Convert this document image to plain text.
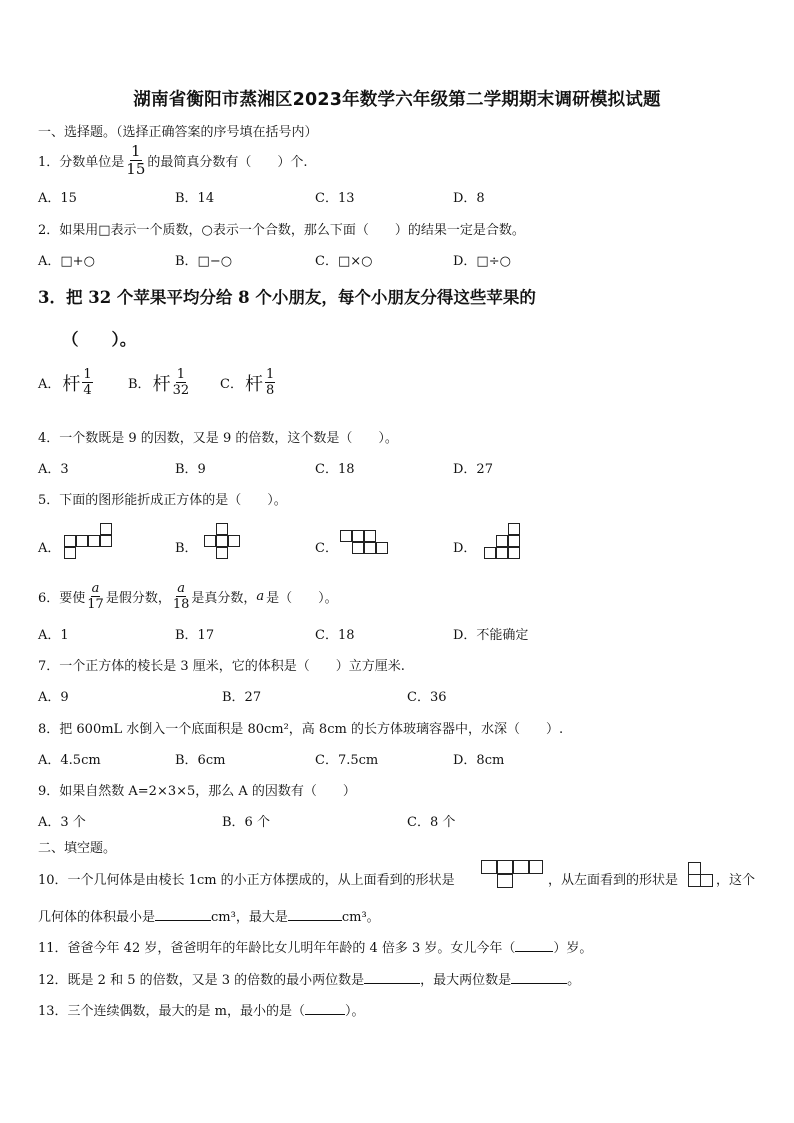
湖南省衡阳市蒸湘区2023年数学六年级第二学期期末调研模拟试题
一、选择题。（选择正确答案的序号填在括号内）
1．分数单位是 $\frac{1}{15}$ 的最简真分数有（　　）个.
A．15	B．14	C．13	D．8
2．如果用□表示一个质数，○表示一个合数，那么下面（　　）的结果一定是合数。
A．□+○	B．□−○	C．□×○	D．□÷○
3．把 32 个苹果平均分给 8 个小朋友，每个小朋友分得这些苹果的
（　　）。
A． 杆 $\frac{1}{4}$	B． 杆 $\frac{1}{32}$ C． 杆 $\frac{1}{8}$
4．一个数既是 9 的因数，又是 9 的倍数，这个数是（　　）。
A．3	B．9	C．18	D．27
5．下面的图形能折成正方体的是（　　）。
A．	B．	C．	D．
6．要使 $\frac{a}{17}$ 是假分数， $\frac{a}{18}$ 是真分数， a 是（　　）。
A．1	B．17	C．18	D．不能确定
7．一个正方体的棱长是 3 厘米，它的体积是（　　）立方厘米.
A．9	B．27	C．36
8．把 600mL 水倒入一个底面积是 80cm²，高 8cm 的长方体玻璃容器中，水深（　　）.
A．4.5cm	B．6cm	C．7.5cm	D．8cm
9．如果自然数 A=2×3×5，那么 A 的因数有（　　）
A．3 个	B．6 个	C．8 个
二、填空题。
10．一个几何体是由棱长 1cm 的小正方体摆成的，从上面看到的形状是	，从左面看到的形状是	，这个
几何体的体积最小是	cm³，最大是	cm³。
11．爸爸今年 42 岁，爸爸明年的年龄比女儿明年年龄的 4 倍多 3 岁。女儿今年（	）岁。
12．既是 2 和 5 的倍数，又是 3 的倍数的最小两位数是	，最大两位数是	。
13．三个连续偶数，最大的是 m，最小的是（	）。
